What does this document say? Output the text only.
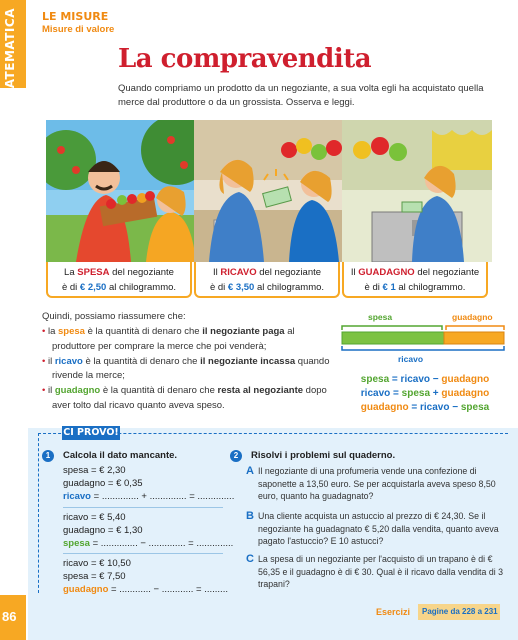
MATEMATICA
86
LE MISURE
Misure di valore
La compravendita
Quando compriamo un prodotto da un negoziante, a sua volta egli ha acquistato quella merce dal produttore o da un grossista. Osserva e leggi.
La SPESA del negoziante
è di € 2,50 al chilogrammo.
Il RICAVO del negoziante
è di € 3,50 al chilogrammo.
Il GUADAGNO del negoziante
è di € 1 al chilogrammo.

Quindi, possiamo riassumere che:

• la spesa è la quantità di denaro che il negoziante paga al produttore per comprare la merce che poi venderà;

• il ricavo è la quantità di denaro che il negoziante incassa quando rivende la merce;

• il guadagno è la quantità di denaro che resta al negoziante dopo aver tolto dal ricavo quanto aveva speso.

spesa	guadagno
ricavo
spesa = ricavo − guadagno
ricavo = spesa + guadagno
guadagno = ricavo − spesa
CI PROVO!
1	Calcola il dato mancante.
spesa = € 2,30
guadagno = € 0,35
ricavo = .............. + .............. = ..............
ricavo = € 5,40
guadagno = € 1,30
spesa = .............. − .............. = ..............
ricavo = € 10,50
spesa = € 7,50
guadagno = ............ − ............ = .........
2	Risolvi i problemi sul quaderno.
A Il negoziante di una profumeria vende una confezione di saponette a 13,50 euro. Se per acquistarla aveva speso 8,50 euro, quanto ha guadagnato?
B Una cliente acquista un astuccio al prezzo di € 24,30. Se il negoziante ha guadagnato € 5,20 dalla vendita, quanto aveva pagato l'astuccio? E 10 astucci?
C La spesa di un negoziante per l'acquisto di un trapano è di € 56,35 e il guadagno è di € 30. Qual è il ricavo dalla vendita di 3 trapani?
Esercizi Pagine da 228 a 231
